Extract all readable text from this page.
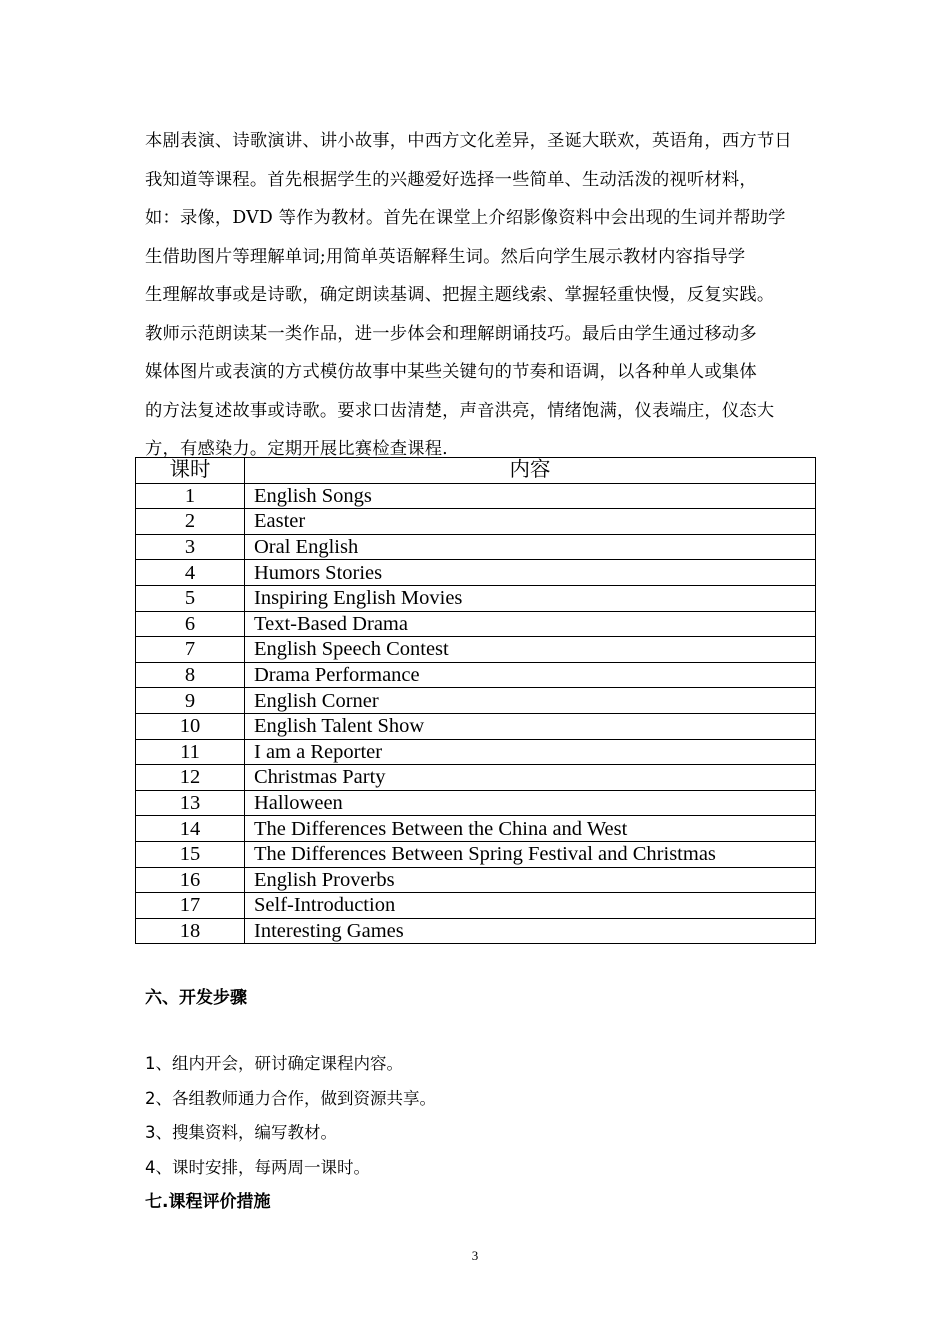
本剧表演、诗歌演讲、讲小故事，中西方文化差异，圣诞大联欢，英语角，西方节日
我知道等课程。首先根据学生的兴趣爱好选择一些简单、生动活泼的视听材料，
如：录像，DVD 等作为教材。首先在课堂上介绍影像资料中会出现的生词并帮助学
生借助图片等理解单词;用简单英语解释生词。然后向学生展示教材内容指导学
生理解故事或是诗歌，确定朗读基调、把握主题线索、掌握轻重快慢，反复实践。
教师示范朗读某一类作品，进一步体会和理解朗诵技巧。最后由学生通过移动多
媒体图片或表演的方式模仿故事中某些关键句的节奏和语调，以各种单人或集体
的方法复述故事或诗歌。要求口齿清楚，声音洪亮，情绪饱满，仪表端庄，仪态大
方，有感染力。定期开展比赛检查课程.

课时	内容
1	English Songs
2	Easter
3	Oral English
4	Humors Stories
5	Inspiring English Movies
6	Text-Based Drama
7	English Speech Contest
8	Drama Performance
9	English Corner
10	English Talent Show
11	I am a Reporter
12	Christmas Party
13	Halloween
14	The Differences Between the China and West
15	The Differences Between Spring Festival and Christmas
16	English Proverbs
17	Self-Introduction
18	Interesting Games
六、开发步骤
1、组内开会，研讨确定课程内容。
2、各组教师通力合作，做到资源共享。
3、搜集资料，编写教材。
4、课时安排，每两周一课时。
七.课程评价措施
3
